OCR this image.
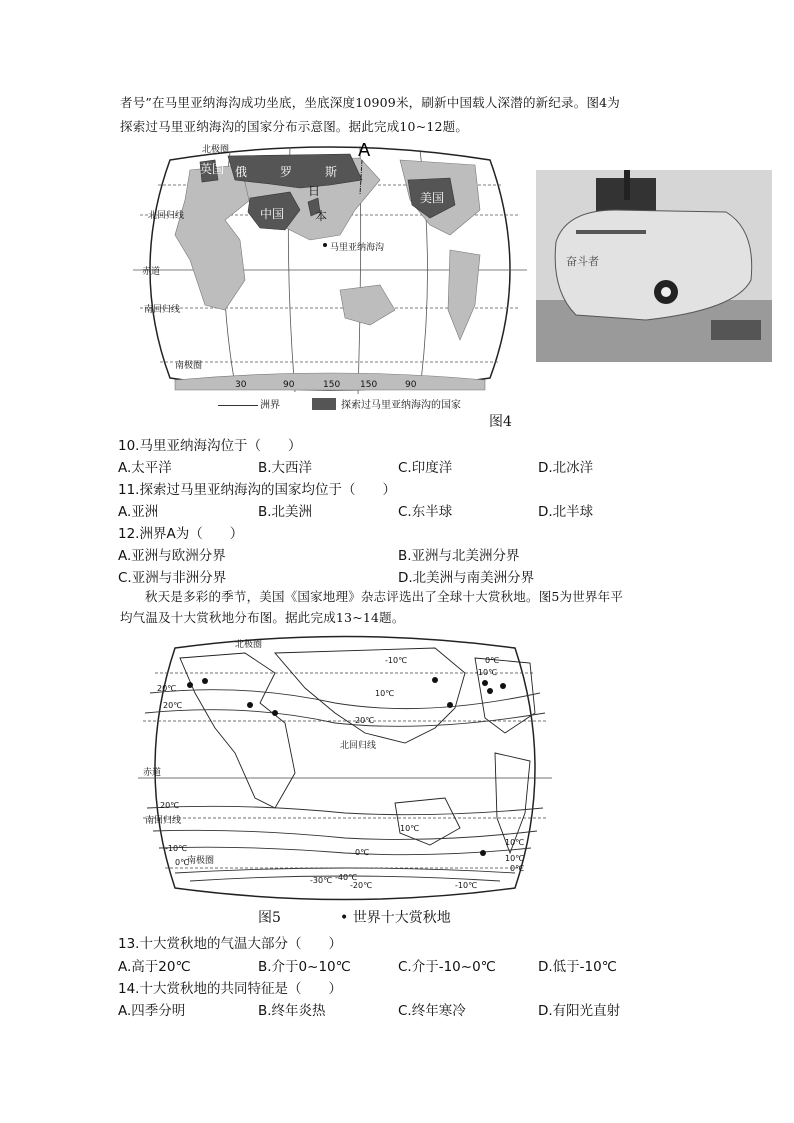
者号”在马里亚纳海沟成功坐底，坐底深度10909米，刷新中国载人深潜的新纪录。图4为
探索过马里亚纳海沟的国家分布示意图。据此完成10~12题。
A
北极圈
北回归线
赤道
南回归线
南极圈
马里亚纳海沟
英国 俄	罗	斯
中国
美国
日
本
30	90	150 150	90
洲界	探索过马里亚纳海沟的国家
奋斗者
图4
10.马里亚纳海沟位于（　　）
A.太平洋	B.大西洋	C.印度洋	D.北冰洋
11.探索过马里亚纳海沟的国家均位于（　　）
A.亚洲	B.北美洲	C.东半球	D.北半球
12.洲界A为（　　）
A.亚洲与欧洲分界	B.亚洲与北美洲分界
C.亚洲与非洲分界	D.北美洲与南美洲分界
秋天是多彩的季节，美国《国家地理》杂志评选出了全球十大赏秋地。图5为世界年平
均气温及十大赏秋地分布图。据此完成13~14题。
北极圈
北回归线
赤道
南回归线
南极圈
0℃
-10℃
20℃
20℃
10℃
-10℃
20℃
20℃
10℃
10℃
0℃
-10℃
10℃
0℃
0℃
-10℃
-20℃
-30℃ -40℃
图5	• 世界十大赏秋地
13.十大赏秋地的气温大部分（　　）
A.高于20℃	B.介于0~10℃	C.介于-10~0℃	D.低于-10℃
14.十大赏秋地的共同特征是（　　）
A.四季分明	B.终年炎热	C.终年寒冷	D.有阳光直射
